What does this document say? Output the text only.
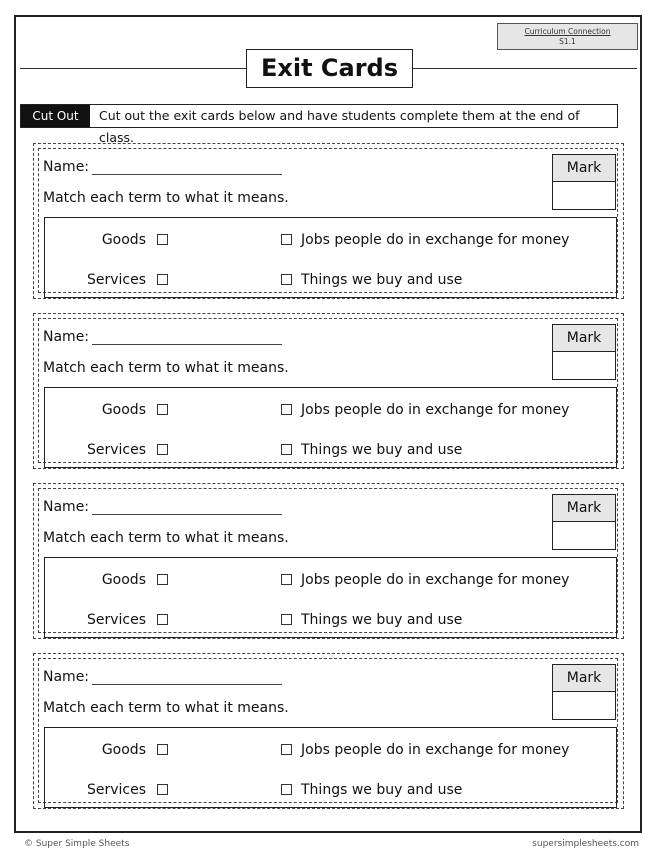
Curriculum Connection
S1.1
Exit Cards
Cut Out	Cut out the exit cards below and have students complete them at the end of class.
Name:
Match each term to what it means.
Mark
Goods	Jobs people do in exchange for money
Services	Things we buy and use
Name:
Match each term to what it means.
Mark
Goods	Jobs people do in exchange for money
Services	Things we buy and use
Name:
Match each term to what it means.
Mark
Goods	Jobs people do in exchange for money
Services	Things we buy and use
Name:
Match each term to what it means.
Mark
Goods	Jobs people do in exchange for money
Services	Things we buy and use
© Super Simple Sheets	supersimplesheets.com
